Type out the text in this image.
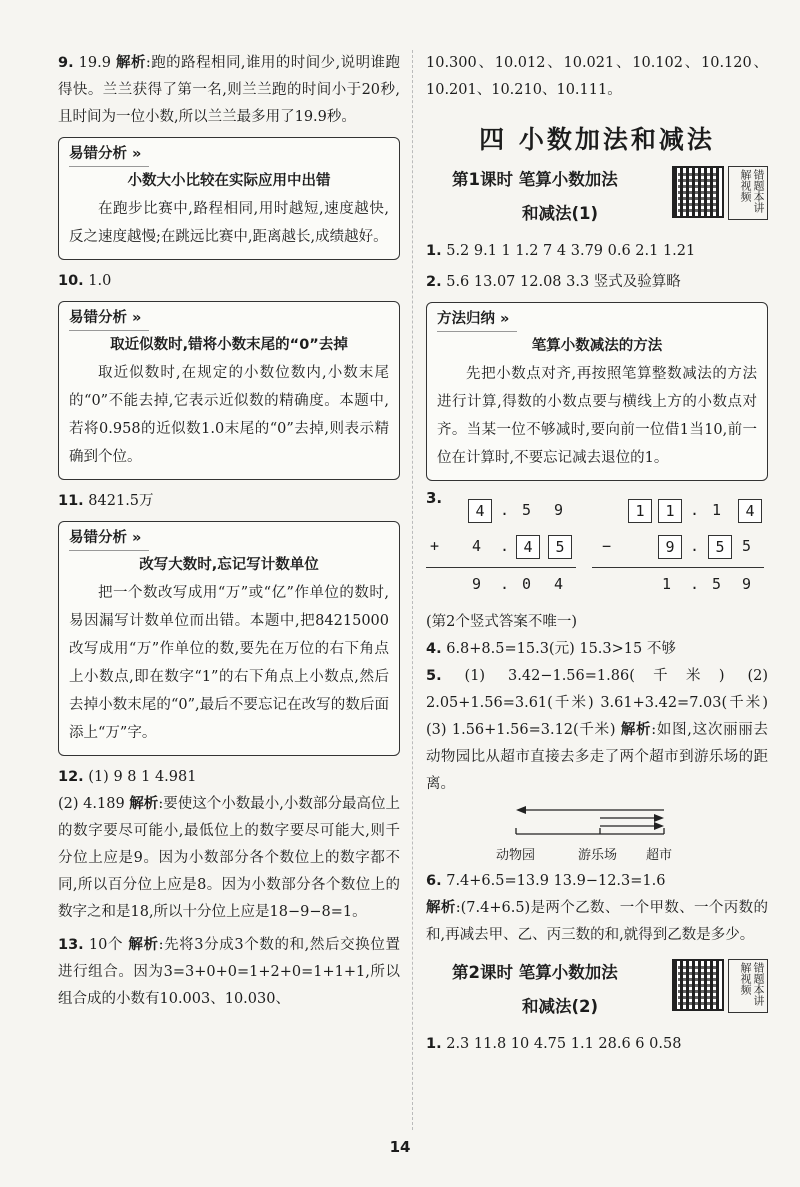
9. 19.9 解析:跑的路程相同,谁用的时间少,说明谁跑得快。兰兰获得了第一名,则兰兰跑的时间小于20秒,且时间为一位小数,所以兰兰最多用了19.9秒。

易错分析 »
小数大小比较在实际应用中出错
在跑步比赛中,路程相同,用时越短,速度越快,反之速度越慢;在跳远比赛中,距离越长,成绩越好。

10. 1.0

易错分析 »
取近似数时,错将小数末尾的“0”去掉
取近似数时,在规定的小数位数内,小数末尾的“0”不能去掉,它表示近似数的精确度。本题中,若将0.958的近似数1.0末尾的“0”去掉,则表示精确到个位。

11. 8421.5万

易错分析 »
改写大数时,忘记写计数单位
把一个数改写成用“万”或“亿”作单位的数时,易因漏写计数单位而出错。本题中,把84215000改写成用“万”作单位的数,要先在万位的右下角点上小数点,即在数字“1”的右下角点上小数点,然后去掉小数末尾的“0”,最后不要忘记在改写的数后面添上“万”字。

12. (1) 9 8 1 4.981
(2) 4.189 解析:要使这个小数最小,小数部分最高位上的数字要尽可能小,最低位上的数字要尽可能大,则千分位上应是9。因为小数部分各个数位上的数字都不同,所以百分位上应是8。因为小数部分各个数位上的数字之和是18,所以十分位上应是18−9−8=1。

13. 10个 解析:先将3分成3个数的和,然后交换位置进行组合。因为3=3+0+0=1+2+0=1+1+1,所以组合成的小数有10.003、10.030、

10.300、10.012、10.021、10.102、10.120、10.201、10.210、10.111。

四 小数加法和减法
第1课时 笔算小数加法
和减法(1)
错题本讲解视频

1. 5.2 9.1 1 1.2 7 4 3.79 0.6 2.1 1.21

2. 5.6 13.07 12.08 3.3 竖式及验算略

方法归纳 »
笔算小数减法的方法
先把小数点对齐,再按照笔算整数减法的方法进行计算,得数的小数点要与横线上方的小数点对齐。当某一位不够减时,要向前一位借1当10,前一位在计算时,不要忘记减去退位的1。
3.
4	. 5 9
+ 4 . 4	5
9 . 0 4
1	1	. 1	4
−	9	.	5	5
1 . 5 9

(第2个竖式答案不唯一)

4. 6.8+8.5=15.3(元) 15.3>15 不够

5. (1) 3.42−1.56=1.86(千米) (2) 2.05+1.56=3.61(千米) 3.61+3.42=7.03(千米) (3) 1.56+1.56=3.12(千米) 解析:如图,这次丽丽去动物园比从超市直接去多走了两个超市到游乐场的距离。

动物园	游乐场 超市

6. 7.4+6.5=13.9 13.9−12.3=1.6
解析:(7.4+6.5)是两个乙数、一个甲数、一个丙数的和,再减去甲、乙、丙三数的和,就得到乙数是多少。

第2课时 笔算小数加法
和减法(2)
错题本讲解视频

1. 2.3 11.8 10 4.75 1.1 28.6 6 0.58

14
